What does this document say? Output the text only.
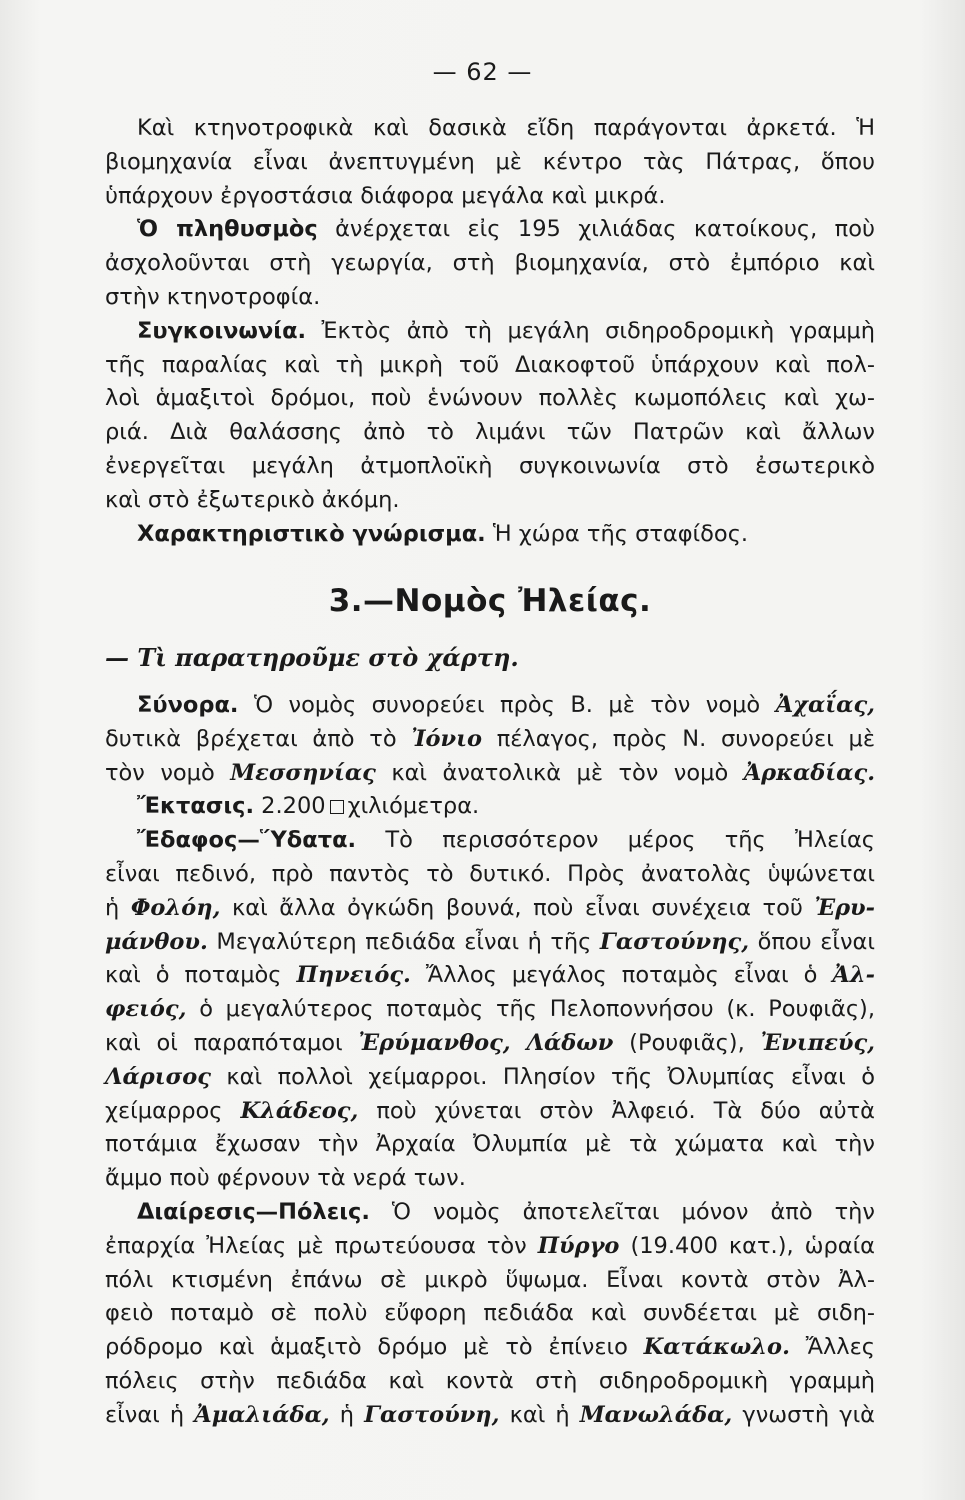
— 62 —
Καὶ κτηνοτροφικὰ καὶ δασικὰ εἴδη παράγονται ἀρκετά. Ἡ
βιομηχανία εἶναι ἀνεπτυγμένη μὲ κέντρο τὰς Πάτρας, ὅπου
ὑπάρχουν ἐργοστάσια διάφορα μεγάλα καὶ μικρά.
Ὁ πληθυσμὸς ἀνέρχεται εἰς 195 χιλιάδας κατοίκους, ποὺ
ἀσχολοῦνται στὴ γεωργία, στὴ βιομηχανία, στὸ ἐμπόριο καὶ
στὴν κτηνοτροφία.
Συγκοινωνία. Ἐκτὸς ἀπὸ τὴ μεγάλη σιδηροδρομικὴ γραμμὴ
τῆς παραλίας καὶ τὴ μικρὴ τοῦ Διακοφτοῦ ὑπάρχουν καὶ πολ-
λοὶ ἁμαξιτοὶ δρόμοι, ποὺ ἑνώνουν πολλὲς κωμοπόλεις καὶ χω-
ριά. Διὰ θαλάσσης ἀπὸ τὸ λιμάνι τῶν Πατρῶν καὶ ἄλλων
ἐνεργεῖται μεγάλη ἀτμοπλοϊκὴ συγκοινωνία στὸ ἐσωτερικὸ
καὶ στὸ ἐξωτερικὸ ἀκόμη.
Χαρακτηριστικὸ γνώρισμα. Ἡ χώρα τῆς σταφίδος.
3.—Νομὸς Ἠλείας.
— Τὶ παρατηροῦμε στὸ χάρτη.
Σύνορα. Ὁ νομὸς συνορεύει πρὸς Β. μὲ τὸν νομὸ Ἀχαΐας,
δυτικὰ βρέχεται ἀπὸ τὸ Ἰόνιο πέλαγος, πρὸς Ν. συνορεύει μὲ
τὸν νομὸ Μεσσηνίας καὶ ἀνατολικὰ μὲ τὸν νομὸ Ἀρκαδίας.
Ἔκτασις. 2.200 χιλιόμετρα.
Ἔδαφος—Ὕδατα. Τὸ περισσότερον μέρος τῆς Ἠλείας
εἶναι πεδινό, πρὸ παντὸς τὸ δυτικό. Πρὸς ἀνατολὰς ὑψώνεται
ἡ Φολόη, καὶ ἄλλα ὀγκώδη βουνά, ποὺ εἶναι συνέχεια τοῦ Ἐρυ-
μάνθου. Μεγαλύτερη πεδιάδα εἶναι ἡ τῆς Γαστούνης, ὅπου εἶναι
καὶ ὁ ποταμὸς Πηνειός. Ἄλλος μεγάλος ποταμὸς εἶναι ὁ Ἀλ-
φειός, ὁ μεγαλύτερος ποταμὸς τῆς Πελοποννήσου (κ. Ρουφιᾶς),
καὶ οἱ παραπόταμοι Ἐρύμανθος, Λάδων (Ρουφιᾶς), Ἐνιπεύς,
Λάρισος καὶ πολλοὶ χείμαρροι. Πλησίον τῆς Ὀλυμπίας εἶναι ὁ
χείμαρρος Κλάδεος, ποὺ χύνεται στὸν Ἀλφειό. Τὰ δύο αὐτὰ
ποτάμια ἔχωσαν τὴν Ἀρχαία Ὀλυμπία μὲ τὰ χώματα καὶ τὴν
ἄμμο ποὺ φέρνουν τὰ νερά των.
Διαίρεσις—Πόλεις. Ὁ νομὸς ἀποτελεῖται μόνον ἀπὸ τὴν
ἐπαρχία Ἠλείας μὲ πρωτεύουσα τὸν Πύργο (19.400 κατ.), ὡραία
πόλι κτισμένη ἐπάνω σὲ μικρὸ ὕψωμα. Εἶναι κοντὰ στὸν Ἀλ-
φειὸ ποταμὸ σὲ πολὺ εὔφορη πεδιάδα καὶ συνδέεται μὲ σιδη-
ρόδρομο καὶ ἁμαξιτὸ δρόμο μὲ τὸ ἐπίνειο Κατάκωλο. Ἄλλες
πόλεις στὴν πεδιάδα καὶ κοντὰ στὴ σιδηροδρομικὴ γραμμὴ
εἶναι ἡ Ἀμαλιάδα, ἡ Γαστούνη, καὶ ἡ Μανωλάδα, γνωστὴ γιὰ
